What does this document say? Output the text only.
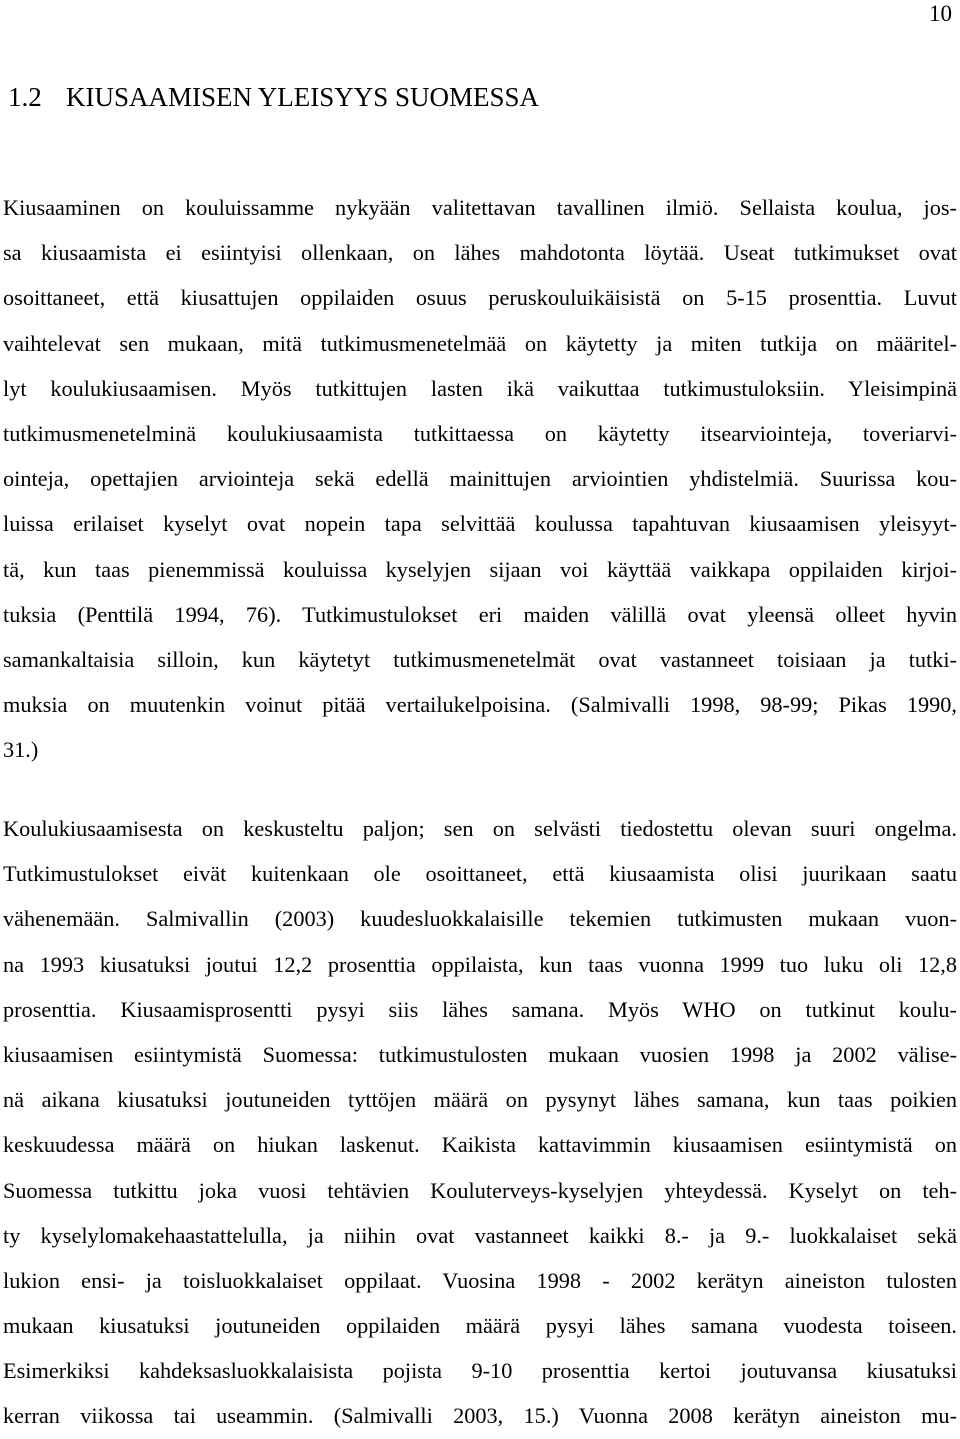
10
1.2 KIUSAAMISEN YLEISYYS SUOMESSA
Kiusaaminen on kouluissamme nykyään valitettavan tavallinen ilmiö. Sellaista koulua, jos-
sa kiusaamista ei esiintyisi ollenkaan, on lähes mahdotonta löytää. Useat tutkimukset ovat
osoittaneet, että kiusattujen oppilaiden osuus peruskouluikäisistä on 5-15 prosenttia. Luvut
vaihtelevat sen mukaan, mitä tutkimusmenetelmää on käytetty ja miten tutkija on määritel-
lyt koulukiusaamisen. Myös tutkittujen lasten ikä vaikuttaa tutkimustuloksiin. Yleisimpinä
tutkimusmenetelminä koulukiusaamista tutkittaessa on käytetty itsearviointeja, toveriarvi-
ointeja, opettajien arviointeja sekä edellä mainittujen arviointien yhdistelmiä. Suurissa kou-
luissa erilaiset kyselyt ovat nopein tapa selvittää koulussa tapahtuvan kiusaamisen yleisyyt-
tä, kun taas pienemmissä kouluissa kyselyjen sijaan voi käyttää vaikkapa oppilaiden kirjoi-
tuksia (Penttilä 1994, 76). Tutkimustulokset eri maiden välillä ovat yleensä olleet hyvin
samankaltaisia silloin, kun käytetyt tutkimusmenetelmät ovat vastanneet toisiaan ja tutki-
muksia on muutenkin voinut pitää vertailukelpoisina. (Salmivalli 1998, 98-99; Pikas 1990,
31.)
Koulukiusaamisesta on keskusteltu paljon; sen on selvästi tiedostettu olevan suuri ongelma.
Tutkimustulokset eivät kuitenkaan ole osoittaneet, että kiusaamista olisi juurikaan saatu
vähenemään. Salmivallin (2003) kuudesluokkalaisille tekemien tutkimusten mukaan vuon-
na 1993 kiusatuksi joutui 12,2 prosenttia oppilaista, kun taas vuonna 1999 tuo luku oli 12,8
prosenttia. Kiusaamisprosentti pysyi siis lähes samana. Myös WHO on tutkinut koulu-
kiusaamisen esiintymistä Suomessa: tutkimustulosten mukaan vuosien 1998 ja 2002 välise-
nä aikana kiusatuksi joutuneiden tyttöjen määrä on pysynyt lähes samana, kun taas poikien
keskuudessa määrä on hiukan laskenut. Kaikista kattavimmin kiusaamisen esiintymistä on
Suomessa tutkittu joka vuosi tehtävien Kouluterveys-kyselyjen yhteydessä. Kyselyt on teh-
ty kyselylomakehaastattelulla, ja niihin ovat vastanneet kaikki 8.- ja 9.- luokkalaiset sekä
lukion ensi- ja toisluokkalaiset oppilaat. Vuosina 1998 - 2002 kerätyn aineiston tulosten
mukaan kiusatuksi joutuneiden oppilaiden määrä pysyi lähes samana vuodesta toiseen.
Esimerkiksi kahdeksasluokkalaisista pojista 9-10 prosenttia kertoi joutuvansa kiusatuksi
kerran viikossa tai useammin. (Salmivalli 2003, 15.) Vuonna 2008 kerätyn aineiston mu-
